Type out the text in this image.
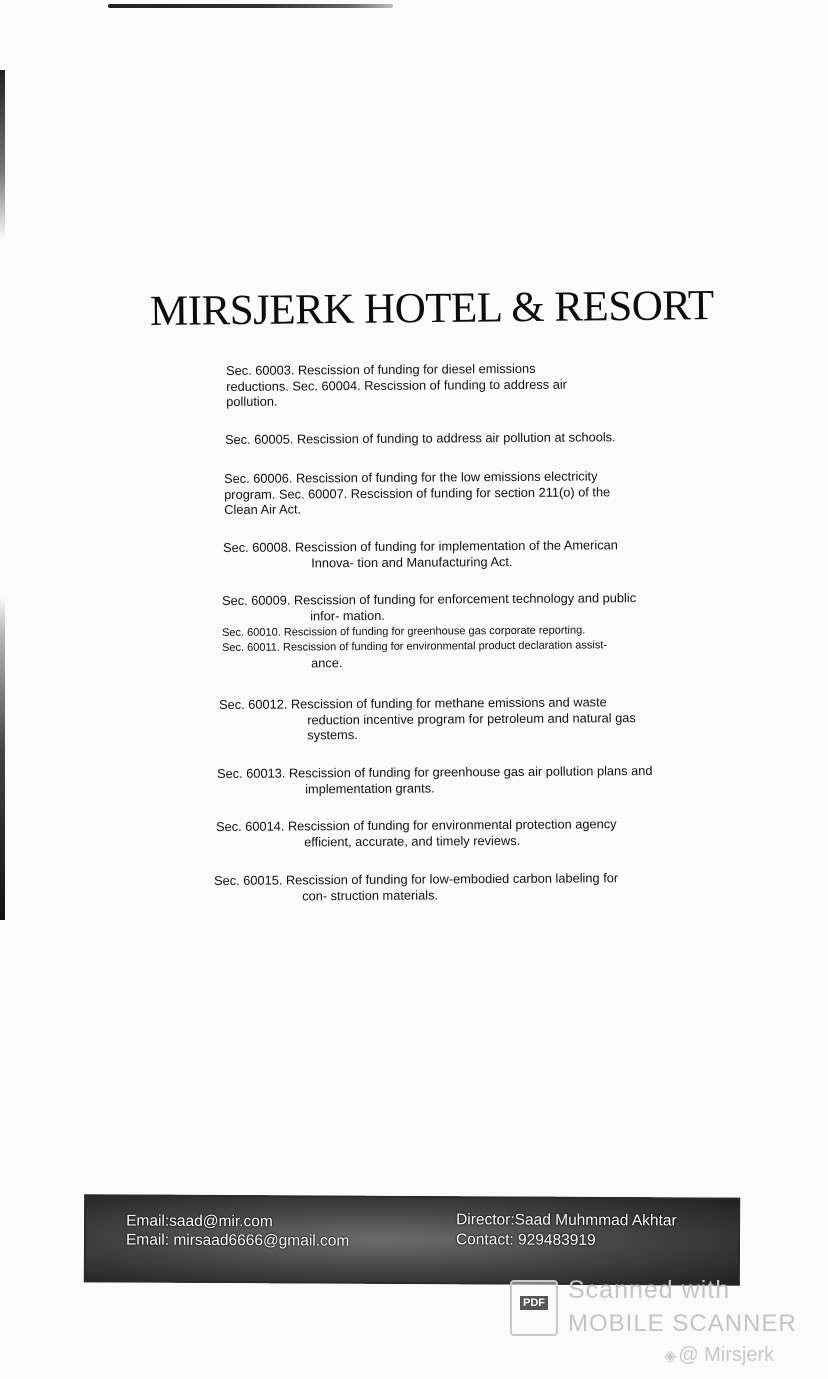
MIRSJERK HOTEL & RESORT
Sec. 60003. Rescission of funding for diesel emissions
reductions. Sec. 60004. Rescission of funding to address air
pollution.
Sec. 60005. Rescission of funding to address air pollution at schools.
Sec. 60006. Rescission of funding for the low emissions electricity
program. Sec. 60007. Rescission of funding for section 211(o) of the
Clean Air Act.
Sec. 60008. Rescission of funding for implementation of the American
Innova- tion and Manufacturing Act.
Sec. 60009. Rescission of funding for enforcement technology and public
infor- mation.
Sec. 60010. Rescission of funding for greenhouse gas corporate reporting.
Sec. 60011. Rescission of funding for environmental product declaration assist-
ance.
Sec. 60012. Rescission of funding for methane emissions and waste
reduction incentive program for petroleum and natural gas
systems.
Sec. 60013. Rescission of funding for greenhouse gas air pollution plans and
implementation grants.
Sec. 60014. Rescission of funding for environmental protection agency
efficient, accurate, and timely reviews.
Sec. 60015. Rescission of funding for low-embodied carbon labeling for
con- struction materials.
Email:saad@mir.com
Email: mirsaad6666@gmail.com
Director:Saad Muhmmad Akhtar
Contact: 929483919
PDF Scanned with
MOBILE SCANNER
◈ @ Mirsjerk
